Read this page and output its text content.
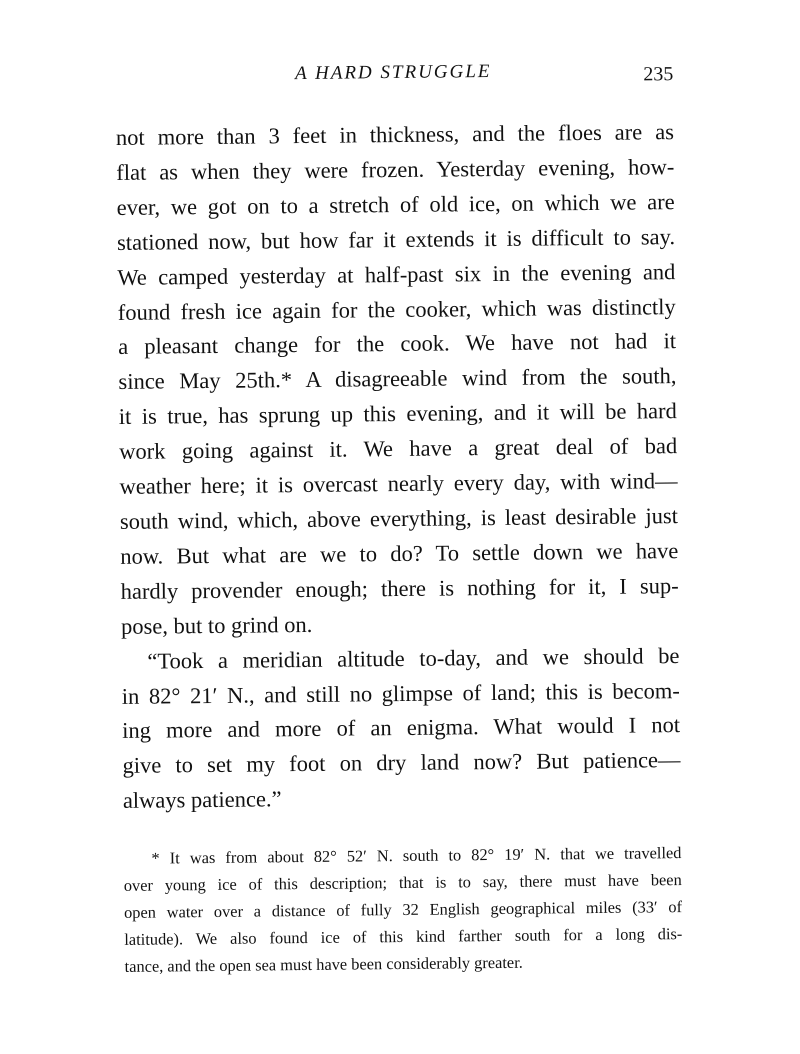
A HARD STRUGGLE	235
not more than 3 feet in thickness, and the floes are as
flat as when they were frozen. Yesterday evening, how-
ever, we got on to a stretch of old ice, on which we are
stationed now, but how far it extends it is difficult to say.
We camped yesterday at half-past six in the evening and
found fresh ice again for the cooker, which was distinctly
a pleasant change for the cook. We have not had it
since May 25th.* A disagreeable wind from the south,
it is true, has sprung up this evening, and it will be hard
work going against it. We have a great deal of bad
weather here; it is overcast nearly every day, with wind—
south wind, which, above everything, is least desirable just
now. But what are we to do? To settle down we have
hardly provender enough; there is nothing for it, I sup-
pose, but to grind on.
“Took a meridian altitude to-day, and we should be
in 82° 21′ N., and still no glimpse of land; this is becom-
ing more and more of an enigma. What would I not
give to set my foot on dry land now? But patience—
always patience.”
* It was from about 82° 52′ N. south to 82° 19′ N. that we travelled
over young ice of this description; that is to say, there must have been
open water over a distance of fully 32 English geographical miles (33′ of
latitude). We also found ice of this kind farther south for a long dis-
tance, and the open sea must have been considerably greater.
